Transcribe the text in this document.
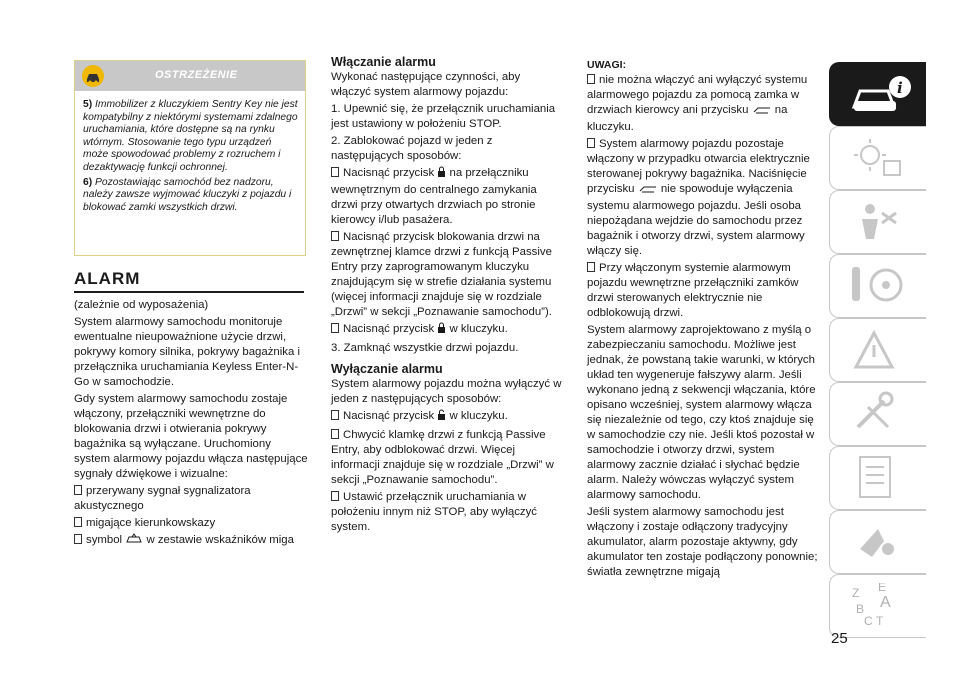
OSTRZEŻENIE

5) Immobilizer z kluczykiem Sentry Key nie jest kompatybilny z niektórymi systemami zdalnego uruchamiania, które dostępne są na rynku wtórnym. Stosowanie tego typu urządzeń może spowodować problemy z rozruchem i dezaktywację funkcji ochronnej.

6) Pozostawiając samochód bez nadzoru, należy zawsze wyjmować kluczyki z pojazdu i blokować zamki wszystkich drzwi.

ALARM

(zależnie od wyposażenia)

System alarmowy samochodu monitoruje ewentualne nieupoważnione użycie drzwi, pokrywy komory silnika, pokrywy bagażnika i przełącznika uruchamiania Keyless Enter-N-Go w samochodzie.

Gdy system alarmowy samochodu zostaje włączony, przełączniki wewnętrzne do blokowania drzwi i otwierania pokrywy bagażnika są wyłączane. Uruchomiony system alarmowy pojazdu włącza następujące sygnały dźwiękowe i wizualne:

przerywany sygnał sygnalizatora akustycznego

migające kierunkowskazy

symbol w zestawie wskaźników miga

Włączanie alarmu

Wykonać następujące czynności, aby włączyć system alarmowy pojazdu:

1. Upewnić się, że przełącznik uruchamiania jest ustawiony w położeniu STOP.

2. Zablokować pojazd w jeden z następujących sposobów:

Nacisnąć przycisk na przełączniku wewnętrznym do centralnego zamykania drzwi przy otwartych drzwiach po stronie kierowcy i/lub pasażera.

Nacisnąć przycisk blokowania drzwi na zewnętrznej klamce drzwi z funkcją Passive Entry przy zaprogramowanym kluczyku znajdującym się w strefie działania systemu (więcej informacji znajduje się w rozdziale „Drzwi” w sekcji „Poznawanie samochodu”).

Nacisnąć przycisk w kluczyku.

3. Zamknąć wszystkie drzwi pojazdu.

Wyłączanie alarmu

System alarmowy pojazdu można wyłączyć w jeden z następujących sposobów:

Nacisnąć przycisk w kluczyku.

Chwycić klamkę drzwi z funkcją Passive Entry, aby odblokować drzwi. Więcej informacji znajduje się w rozdziale „Drzwi” w sekcji „Poznawanie samochodu”.

Ustawić przełącznik uruchamiania w położeniu innym niż STOP, aby wyłączyć system.

UWAGI:

nie można włączyć ani wyłączyć systemu alarmowego pojazdu za pomocą zamka w drzwiach kierowcy ani przycisku na kluczyku.

System alarmowy pojazdu pozostaje włączony w przypadku otwarcia elektrycznie sterowanej pokrywy bagażnika. Naciśnięcie przycisku nie spowoduje wyłączenia systemu alarmowego pojazdu. Jeśli osoba niepożądana wejdzie do samochodu przez bagażnik i otworzy drzwi, system alarmowy włączy się.

Przy włączonym systemie alarmowym pojazdu wewnętrzne przełączniki zamków drzwi sterowanych elektrycznie nie odblokowują drzwi.

System alarmowy zaprojektowano z myślą o zabezpieczaniu samochodu. Możliwe jest jednak, że powstaną takie warunki, w których układ ten wygeneruje fałszywy alarm. Jeśli wykonano jedną z sekwencji włączania, które opisano wcześniej, system alarmowy włącza się niezależnie od tego, czy ktoś znajduje się w samochodzie czy nie. Jeśli ktoś pozostał w samochodzie i otworzy drzwi, system alarmowy zacznie działać i słychać będzie alarm. Należy wówczas wyłączyć system alarmowy samochodu.

Jeśli system alarmowy samochodu jest włączony i zostaje odłączony tradycyjny akumulator, alarm pozostaje aktywny, gdy akumulator ten zostaje podłączony ponownie; światła zewnętrzne migają

i
Z E
B A
C T
25
